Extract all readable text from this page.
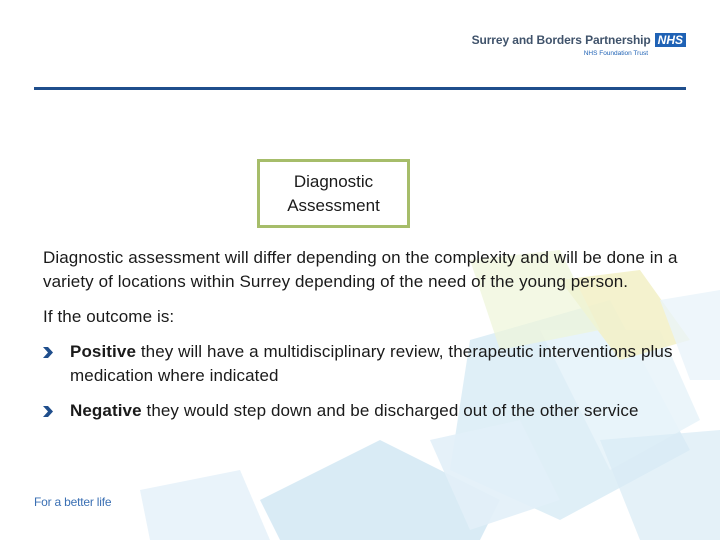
Surrey and Borders Partnership NHS
NHS Foundation Trust
Diagnostic
Assessment

Diagnostic assessment will differ depending on the complexity and will be done in a variety of locations within Surrey depending of the need of the young person.

If the outcome is:

Positive they will have a multidisciplinary review, therapeutic interventions plus medication where indicated
Negative they would step down and be discharged out of the other service
For a better life
